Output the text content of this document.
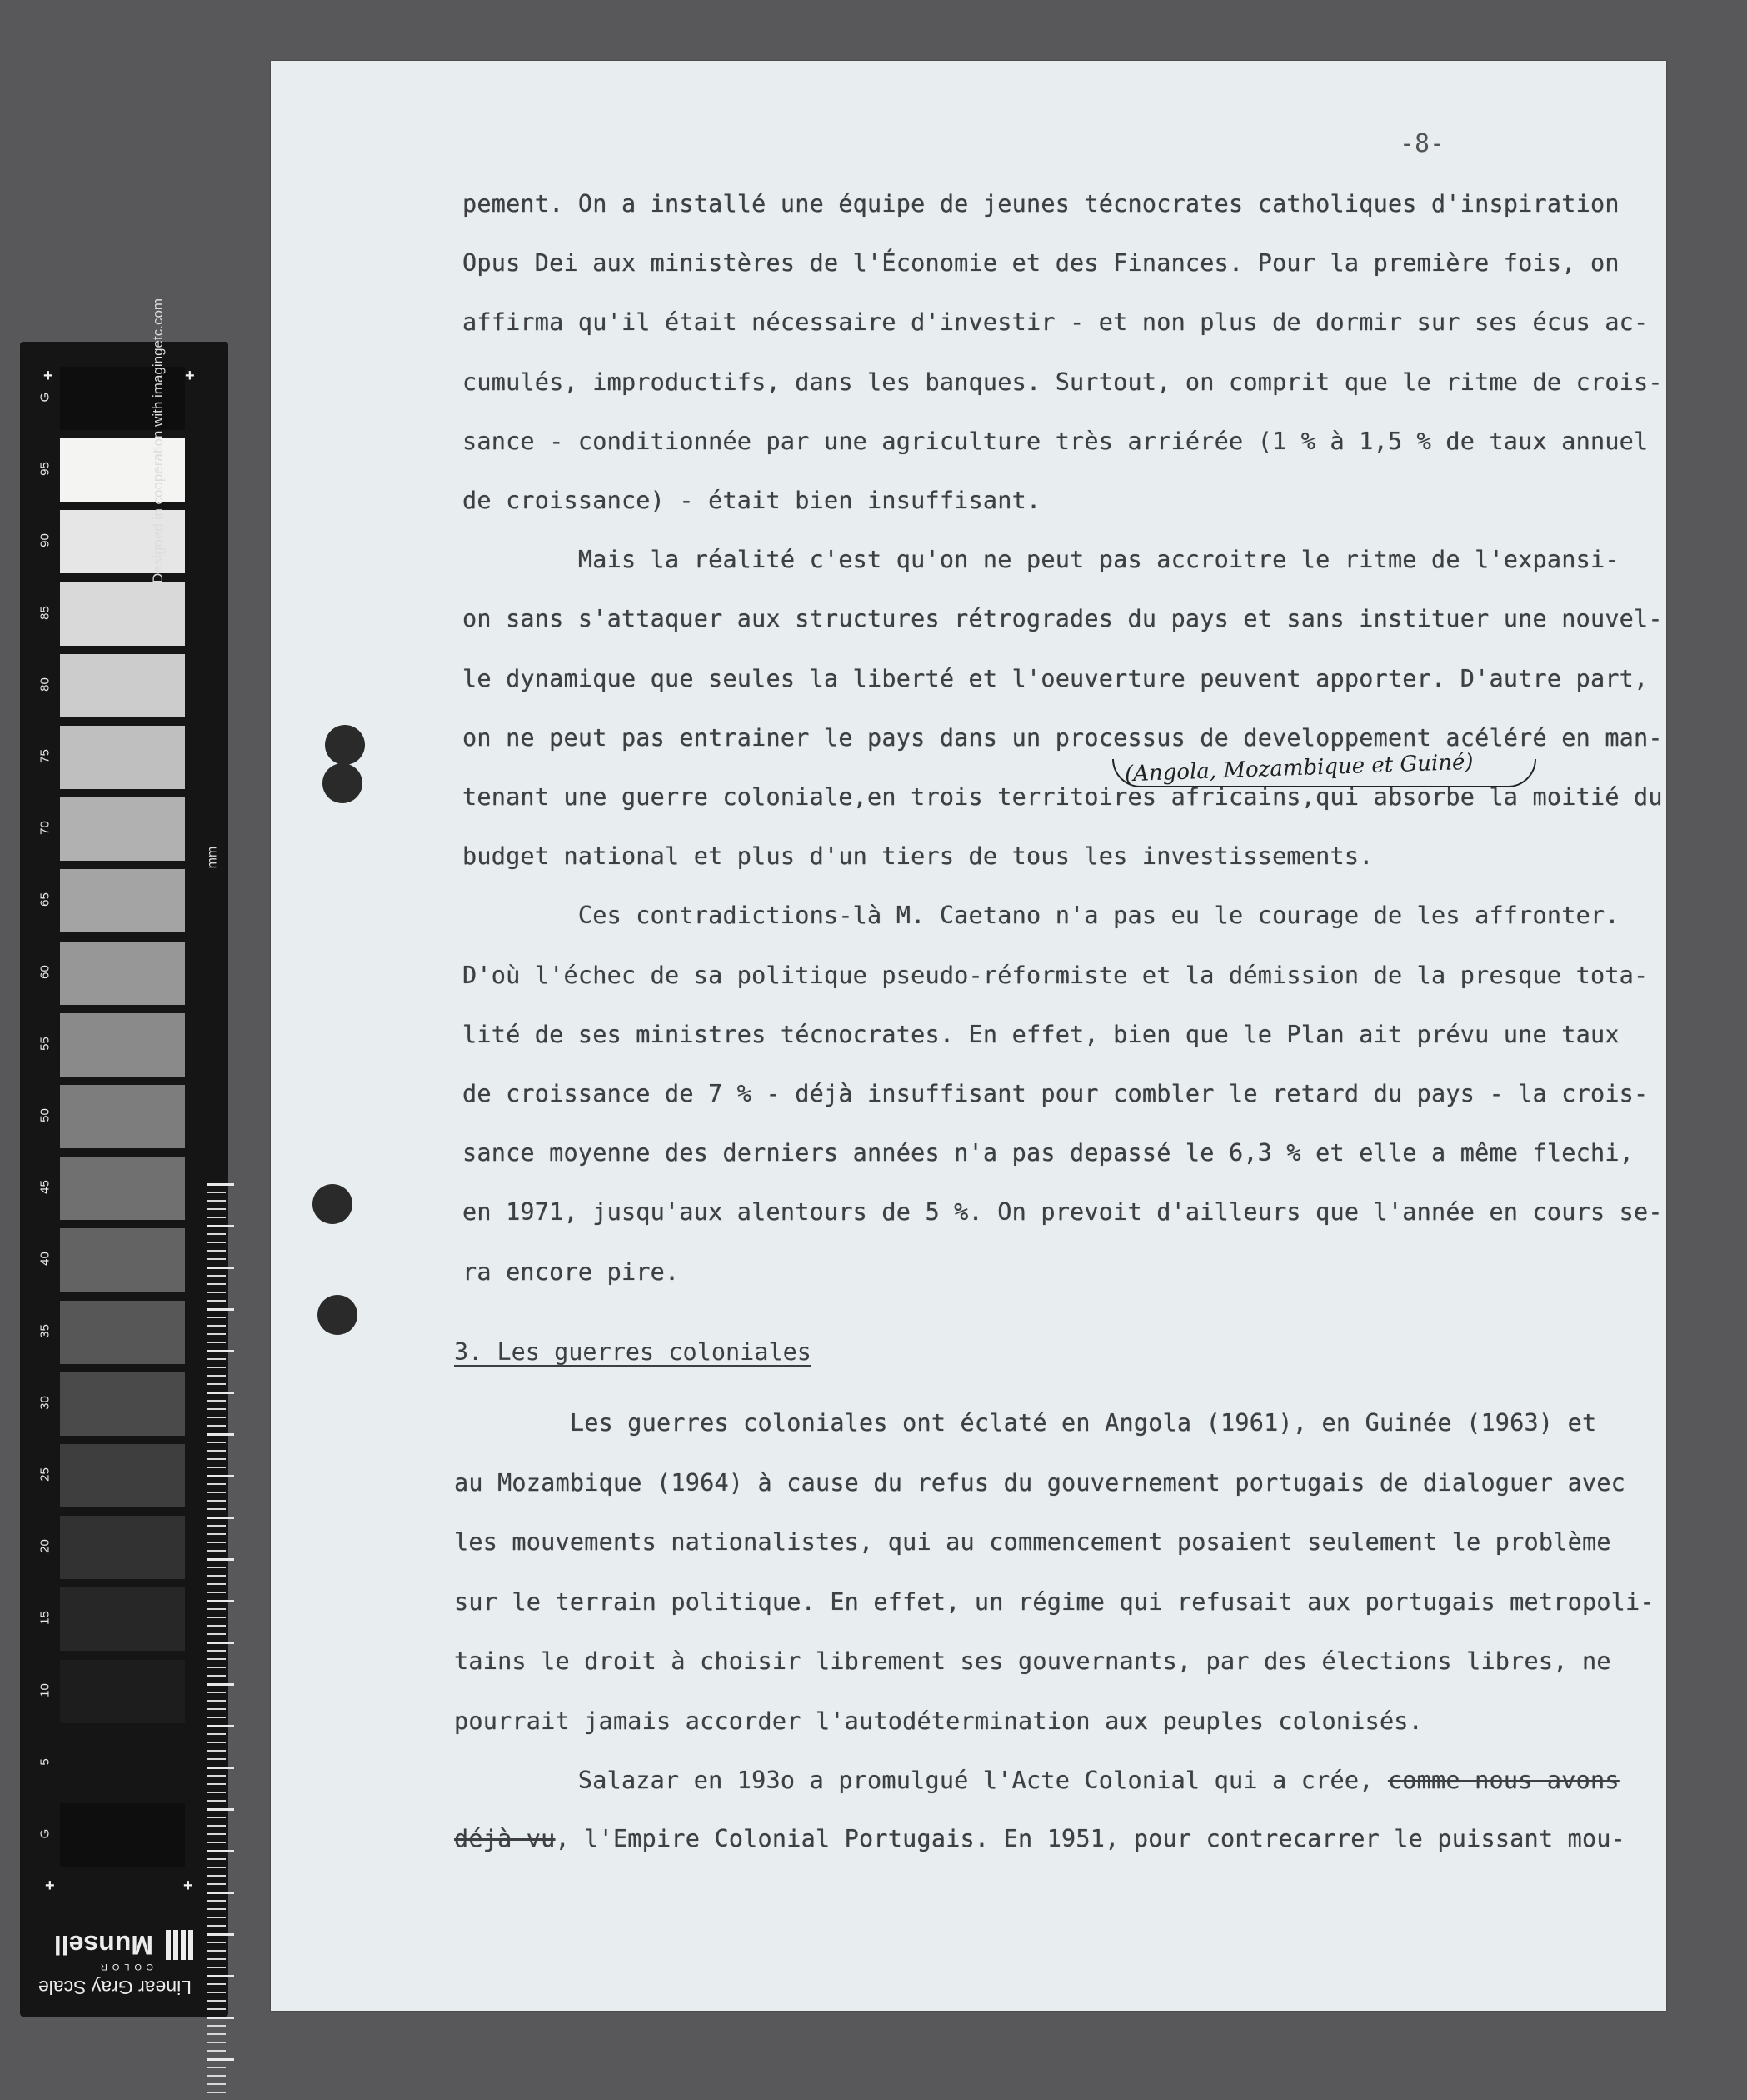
+	+
+	+
G
95
90
85
80
75
70
65
60
55
50
45
40
35
30
25
20
15
10
5
G
mm
Linear Gray Scale
COLOR
Munsell
-8-
pement. On a installé une équipe de jeunes técnocrates catholiques d'inspiration
Opus Dei aux ministères de l'Économie et des Finances. Pour la première fois, on
affirma qu'il était nécessaire d'investir - et non plus de dormir sur ses écus ac-
cumulés, improductifs, dans les banques. Surtout, on comprit que le ritme de crois-
sance - conditionnée par une agriculture très arriérée (1 % à 1,5 % de taux annuel
de croissance) - était bien insuffisant.
Mais la réalité c'est qu'on ne peut pas accroitre le ritme de l'expansi-
on sans s'attaquer aux structures rétrogrades du pays et sans instituer une nouvel-
le dynamique que seules la liberté et l'oeuverture peuvent apporter. D'autre part,
on ne peut pas entrainer le pays dans un processus de developpement acéléré en man-
tenant une guerre coloniale,en trois territoires africains,qui absorbe la moitié du
budget national et plus d'un tiers de tous les investissements.
Ces contradictions-là M. Caetano n'a pas eu le courage de les affronter.
D'où l'échec de sa politique pseudo-réformiste et la démission de la presque tota-
lité de ses ministres técnocrates. En effet, bien que le Plan ait prévu une taux
de croissance de 7 % - déjà insuffisant pour combler le retard du pays - la crois-
sance moyenne des derniers années n'a pas depassé le 6,3 % et elle a même flechi,
en 1971, jusqu'aux alentours de 5 %. On prevoit d'ailleurs que l'année en cours se-
ra encore pire.
(Angola, Mozambique et Guiné)
3. Les guerres coloniales
Les guerres coloniales ont éclaté en Angola (1961), en Guinée (1963) et
au Mozambique (1964) à cause du refus du gouvernement portugais de dialoguer avec
les mouvements nationalistes, qui au commencement posaient seulement le problème
sur le terrain politique. En effet, un régime qui refusait aux portugais metropoli-
tains le droit à choisir librement ses gouvernants, par des élections libres, ne
pourrait jamais accorder l'autodétermination aux peuples colonisés.
Salazar en 193o a promulgué l'Acte Colonial qui a crée, comme nous avons
déjà vu, l'Empire Colonial Portugais. En 1951, pour contrecarrer le puissant mou-
